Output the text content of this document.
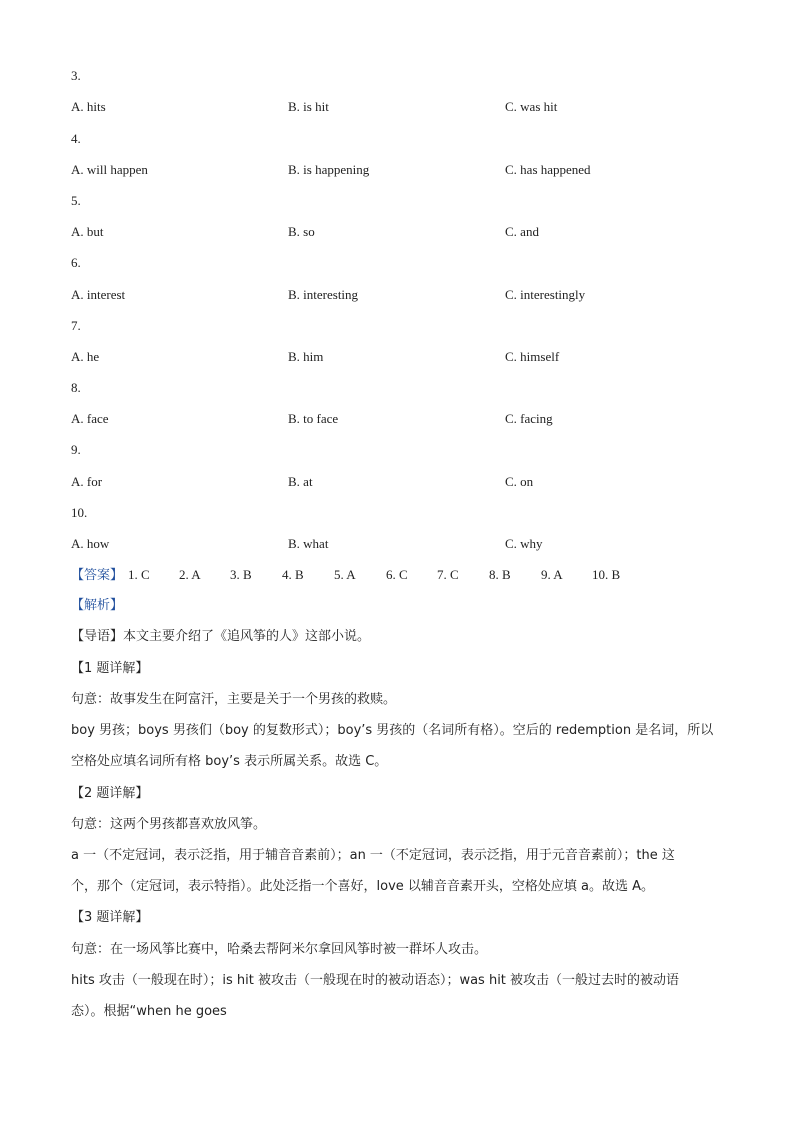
3.
A. hits	B. is hit	C. was hit
4.
A. will happen	B. is happening	C. has happened
5.
A. but	B. so	C. and
6.
A. interest	B. interesting	C. interestingly
7.
A. he	B. him	C. himself
8.
A. face	B. to face	C. facing
9.
A. for	B. at	C. on
10.
A. how	B. what	C. why
【答案】 1. C 2. A 3. B 4. B 5. A 6. C 7. C 8. B 9. A 10. B
【解析】
【导语】本文主要介绍了《追风筝的人》这部小说。
【1 题详解】
句意：故事发生在阿富汗，主要是关于一个男孩的救赎。
boy 男孩；boys 男孩们（boy 的复数形式）；boy’s 男孩的（名词所有格）。空后的 redemption 是名词，所以
空格处应填名词所有格 boy’s 表示所属关系。故选 C。
【2 题详解】
句意：这两个男孩都喜欢放风筝。
a 一（不定冠词，表示泛指，用于辅音音素前）；an 一（不定冠词，表示泛指，用于元音音素前）；the 这
个，那个（定冠词，表示特指）。此处泛指一个喜好，love 以辅音音素开头，空格处应填 a。故选 A。
【3 题详解】
句意：在一场风筝比赛中，哈桑去帮阿米尔拿回风筝时被一群坏人攻击。
hits 攻击（一般现在时）；is hit 被攻击（一般现在时的被动语态）；was hit 被攻击（一般过去时的被动语
态）。根据“when he goes
